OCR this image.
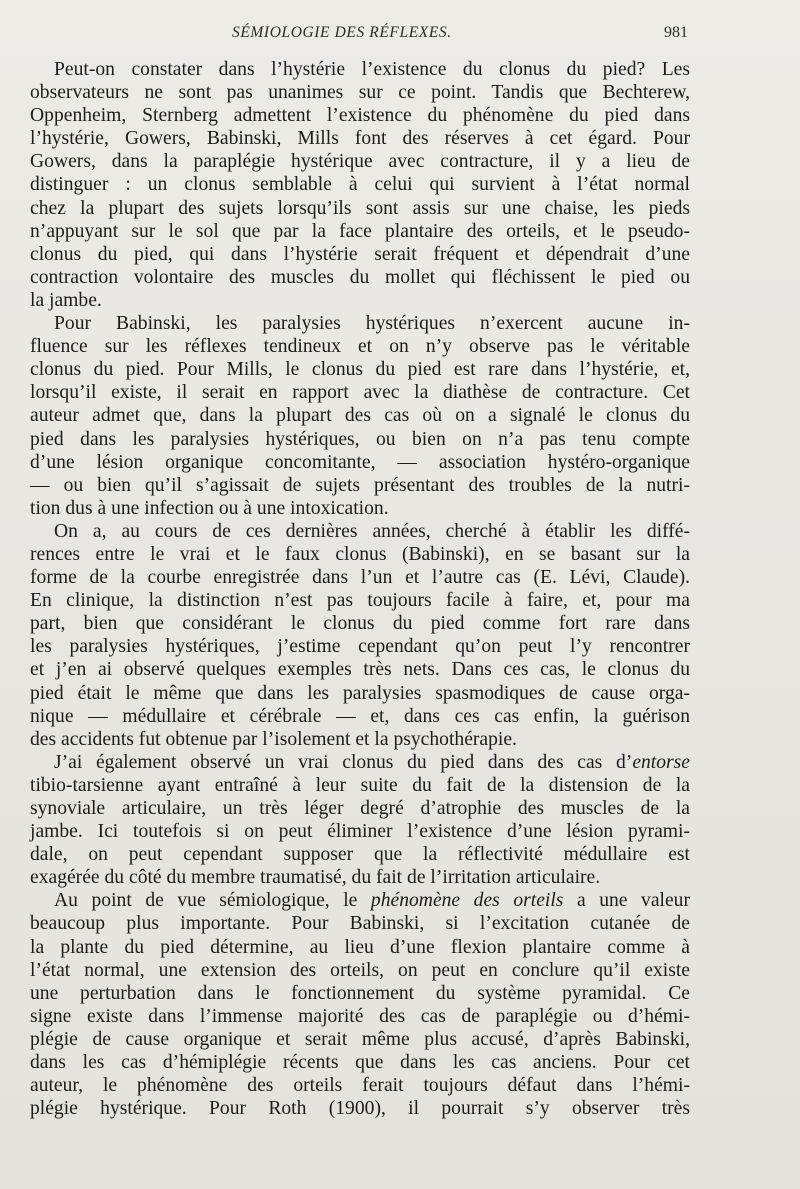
SÉMIOLOGIE DES RÉFLEXES.	981
Peut-on constater dans l’hystérie l’existence du clonus du pied? Les
observateurs ne sont pas unanimes sur ce point. Tandis que Bechterew,
Oppenheim, Sternberg admettent l’existence du phénomène du pied dans
l’hystérie, Gowers, Babinski, Mills font des réserves à cet égard. Pour
Gowers, dans la paraplégie hystérique avec contracture, il y a lieu de
distinguer : un clonus semblable à celui qui survient à l’état normal
chez la plupart des sujets lorsqu’ils sont assis sur une chaise, les pieds
n’appuyant sur le sol que par la face plantaire des orteils, et le pseudo-
clonus du pied, qui dans l’hystérie serait fréquent et dépendrait d’une
contraction volontaire des muscles du mollet qui fléchissent le pied ou
la jambe.
Pour Babinski, les paralysies hystériques n’exercent aucune in-
fluence sur les réflexes tendineux et on n’y observe pas le véritable
clonus du pied. Pour Mills, le clonus du pied est rare dans l’hystérie, et,
lorsqu’il existe, il serait en rapport avec la diathèse de contracture. Cet
auteur admet que, dans la plupart des cas où on a signalé le clonus du
pied dans les paralysies hystériques, ou bien on n’a pas tenu compte
d’une lésion organique concomitante, — association hystéro-organique
— ou bien qu’il s’agissait de sujets présentant des troubles de la nutri-
tion dus à une infection ou à une intoxication.
On a, au cours de ces dernières années, cherché à établir les diffé-
rences entre le vrai et le faux clonus (Babinski), en se basant sur la
forme de la courbe enregistrée dans l’un et l’autre cas (E. Lévi, Claude).
En clinique, la distinction n’est pas toujours facile à faire, et, pour ma
part, bien que considérant le clonus du pied comme fort rare dans
les paralysies hystériques, j’estime cependant qu’on peut l’y rencontrer
et j’en ai observé quelques exemples très nets. Dans ces cas, le clonus du
pied était le même que dans les paralysies spasmodiques de cause orga-
nique — médullaire et cérébrale — et, dans ces cas enfin, la guérison
des accidents fut obtenue par l’isolement et la psychothérapie.
J’ai également observé un vrai clonus du pied dans des cas d’entorse
tibio-tarsienne ayant entraîné à leur suite du fait de la distension de la
synoviale articulaire, un très léger degré d’atrophie des muscles de la
jambe. Ici toutefois si on peut éliminer l’existence d’une lésion pyrami-
dale, on peut cependant supposer que la réflectivité médullaire est
exagérée du côté du membre traumatisé, du fait de l’irritation articulaire.
Au point de vue sémiologique, le phénomène des orteils a une valeur
beaucoup plus importante. Pour Babinski, si l’excitation cutanée de
la plante du pied détermine, au lieu d’une flexion plantaire comme à
l’état normal, une extension des orteils, on peut en conclure qu’il existe
une perturbation dans le fonctionnement du système pyramidal. Ce
signe existe dans l’immense majorité des cas de paraplégie ou d’hémi-
plégie de cause organique et serait même plus accusé, d’après Babinski,
dans les cas d’hémiplégie récents que dans les cas anciens. Pour cet
auteur, le phénomène des orteils ferait toujours défaut dans l’hémi-
plégie hystérique. Pour Roth (1900), il pourrait s’y observer très
